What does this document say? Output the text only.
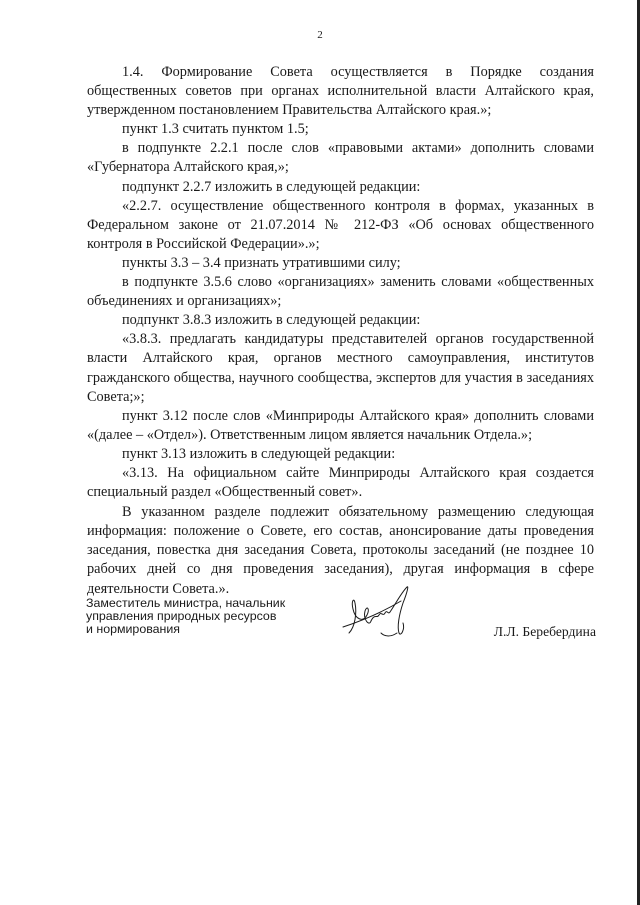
2

1.4. Формирование Совета осуществляется в Порядке создания общественных советов при органах исполнительной власти Алтайского края, утвержденном постановлением Правительства Алтайского края.»;

пункт 1.3 считать пунктом 1.5;

в подпункте 2.2.1 после слов «правовыми актами» дополнить словами «Губернатора Алтайского края,»;

подпункт 2.2.7 изложить в следующей редакции:

«2.2.7. осуществление общественного контроля в формах, указанных в Федеральном законе от 21.07.2014 № 212-ФЗ «Об основах общественного контроля в Российской Федерации».»;

пункты 3.3 – 3.4 признать утратившими силу;

в подпункте 3.5.6 слово «организациях» заменить словами «общественных объединениях и организациях»;

подпункт 3.8.3 изложить в следующей редакции:

«3.8.3. предлагать кандидатуры представителей органов государственной власти Алтайского края, органов местного самоуправления, институтов гражданского общества, научного сообщества, экспертов для участия в заседаниях Совета;»;

пункт 3.12 после слов «Минприроды Алтайского края» дополнить словами «(далее – «Отдел»). Ответственным лицом является начальник Отдела.»;

пункт 3.13 изложить в следующей редакции:

«3.13. На официальном сайте Минприроды Алтайского края создается специальный раздел «Общественный совет».

В указанном разделе подлежит обязательному размещению следующая информация: положение о Совете, его состав, анонсирование даты проведения заседания, повестка дня заседания Совета, протоколы заседаний (не позднее 10 рабочих дней со дня проведения заседания), другая информация в сфере деятельности Совета.».

Заместитель министра, начальник
управления природных ресурсов
и нормирования	Л.Л. Беребердина
